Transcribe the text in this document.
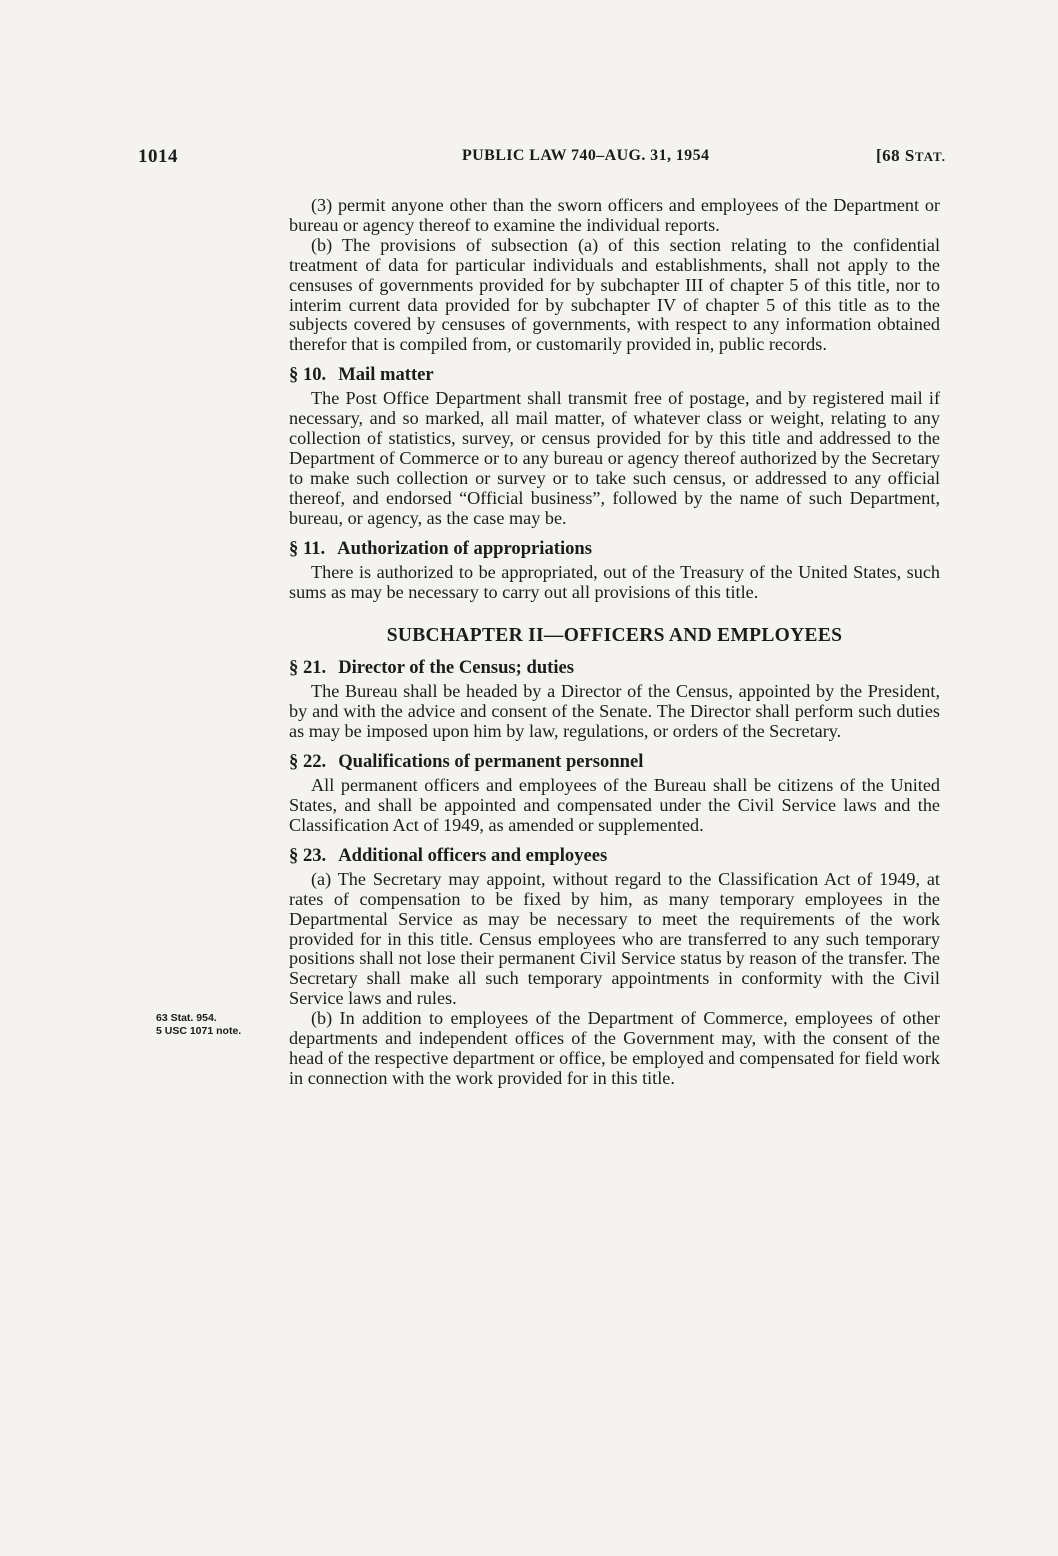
1014	PUBLIC LAW 740–AUG. 31, 1954	[68 STAT.
63 Stat. 954.
5 USC 1071 note.

(3) permit anyone other than the sworn officers and employees of the Department or bureau or agency thereof to examine the individual reports.

(b) The provisions of subsection (a) of this section relating to the confidential treatment of data for particular individuals and establishments, shall not apply to the censuses of governments provided for by subchapter III of chapter 5 of this title, nor to interim current data provided for by subchapter IV of chapter 5 of this title as to the subjects covered by censuses of governments, with respect to any information obtained therefor that is compiled from, or customarily provided in, public records.

§ 10. Mail matter

The Post Office Department shall transmit free of postage, and by registered mail if necessary, and so marked, all mail matter, of whatever class or weight, relating to any collection of statistics, survey, or census provided for by this title and addressed to the Department of Commerce or to any bureau or agency thereof authorized by the Secretary to make such collection or survey or to take such census, or addressed to any official thereof, and endorsed “Official business”, followed by the name of such Department, bureau, or agency, as the case may be.

§ 11. Authorization of appropriations

There is authorized to be appropriated, out of the Treasury of the United States, such sums as may be necessary to carry out all provisions of this title.

SUBCHAPTER II—OFFICERS AND EMPLOYEES
§ 21. Director of the Census; duties

The Bureau shall be headed by a Director of the Census, appointed by the President, by and with the advice and consent of the Senate. The Director shall perform such duties as may be imposed upon him by law, regulations, or orders of the Secretary.

§ 22. Qualifications of permanent personnel

All permanent officers and employees of the Bureau shall be citizens of the United States, and shall be appointed and compensated under the Civil Service laws and the Classification Act of 1949, as amended or supplemented.

§ 23. Additional officers and employees

(a) The Secretary may appoint, without regard to the Classification Act of 1949, at rates of compensation to be fixed by him, as many temporary employees in the Departmental Service as may be necessary to meet the requirements of the work provided for in this title. Census employees who are transferred to any such temporary positions shall not lose their permanent Civil Service status by reason of the transfer. The Secretary shall make all such temporary appointments in conformity with the Civil Service laws and rules.

(b) In addition to employees of the Department of Commerce, employees of other departments and independent offices of the Government may, with the consent of the head of the respective department or office, be employed and compensated for field work in connection with the work provided for in this title.
